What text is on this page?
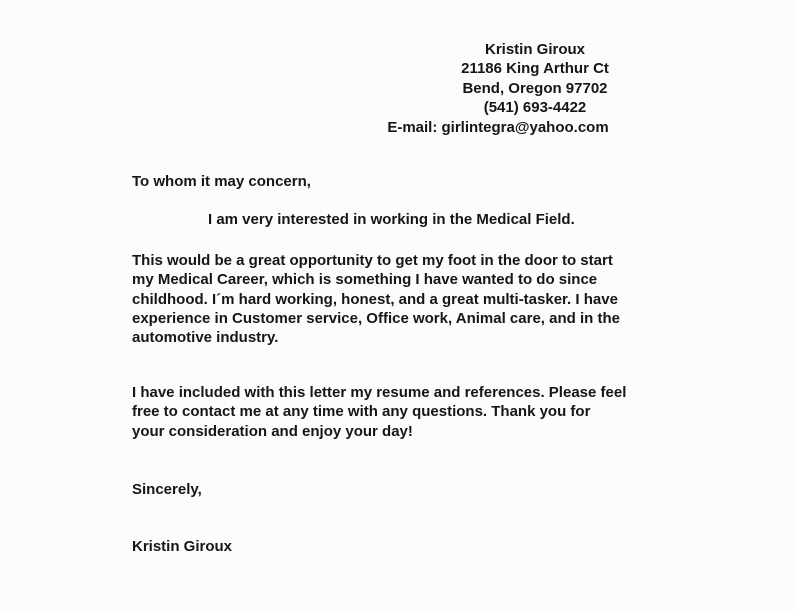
Kristin Giroux
21186 King Arthur Ct
Bend, Oregon 97702
(541) 693-4422
E-mail: girlintegra@yahoo.com
To whom it may concern,
I am very interested in working in the Medical Field.
This would be a great opportunity to get my foot in the door to start
my Medical Career, which is something I have wanted to do since
childhood. I´m hard working, honest, and a great multi-tasker. I have
experience in Customer service, Office work, Animal care, and in the
automotive industry.
I have included with this letter my resume and references. Please feel
free to contact me at any time with any questions. Thank you for
your consideration and enjoy your day!
Sincerely,
Kristin Giroux
